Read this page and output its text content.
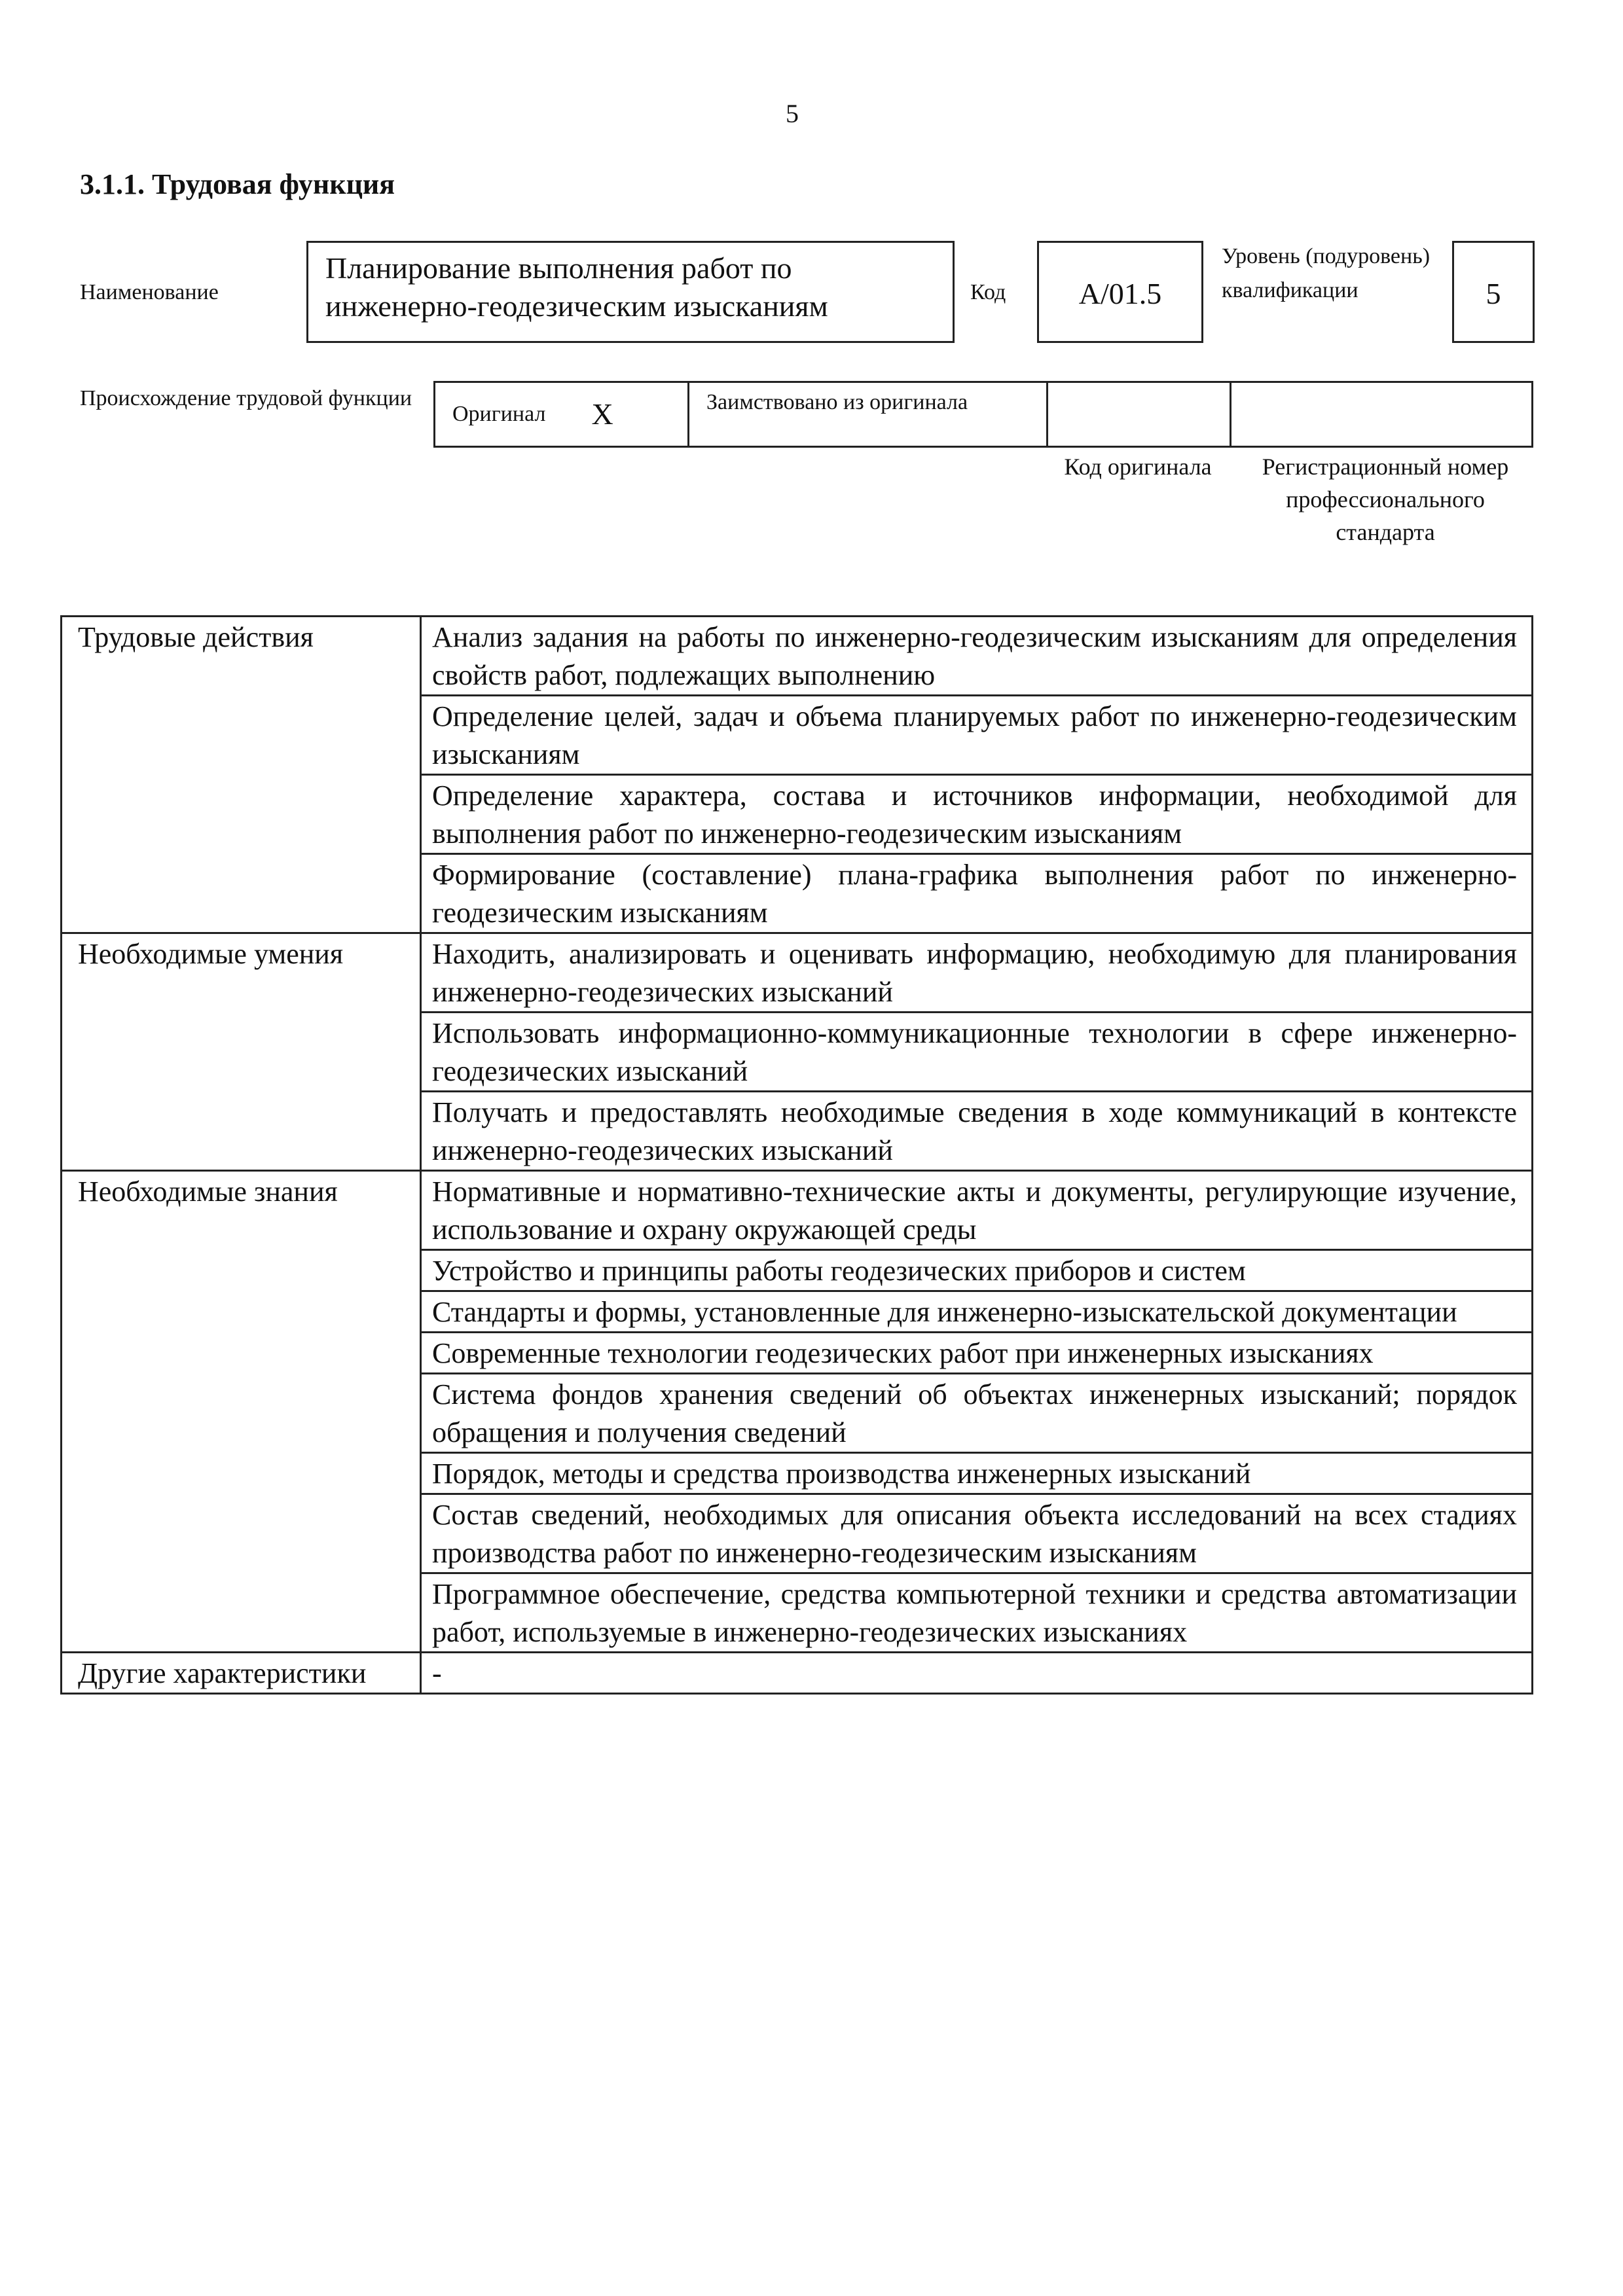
5
3.1.1. Трудовая функция
Наименование
Планирование выполнения работ по инженерно-геодезическим изысканиям	Код	А/01.5
Уровень (подуровень) квалификации	5
Происхождение трудовой функции
Оригинал X	Заимствовано из оригинала
Код оригинала	Регистрационный номер профессионального стандарта
Трудовые действия	Анализ задания на работы по инженерно-геодезическим изысканиям для определения свойств работ, подлежащих выполнению
	Определение целей, задач и объема планируемых работ по инженерно-геодезическим изысканиям
	Определение характера, состава и источников информации, необходимой для выполнения работ по инженерно-геодезическим изысканиям
	Формирование (составление) плана-графика выполнения работ по инженерно-геодезическим изысканиям
Необходимые умения	Находить, анализировать и оценивать информацию, необходимую для планирования инженерно-геодезических изысканий
	Использовать информационно-коммуникационные технологии в сфере инженерно-геодезических изысканий
	Получать и предоставлять необходимые сведения в ходе коммуникаций в контексте инженерно-геодезических изысканий
Необходимые знания	Нормативные и нормативно-технические акты и документы, регулирующие изучение, использование и охрану окружающей среды
	Устройство и принципы работы геодезических приборов и систем
	Стандарты и формы, установленные для инженерно-изыскательской документации
	Современные технологии геодезических работ при инженерных изысканиях
	Система фондов хранения сведений об объектах инженерных изысканий; порядок обращения и получения сведений
	Порядок, методы и средства производства инженерных изысканий
	Состав сведений, необходимых для описания объекта исследований на всех стадиях производства работ по инженерно-геодезическим изысканиям
	Программное обеспечение, средства компьютерной техники и средства автоматизации работ, используемые в инженерно-геодезических изысканиях
Другие характеристики	-
